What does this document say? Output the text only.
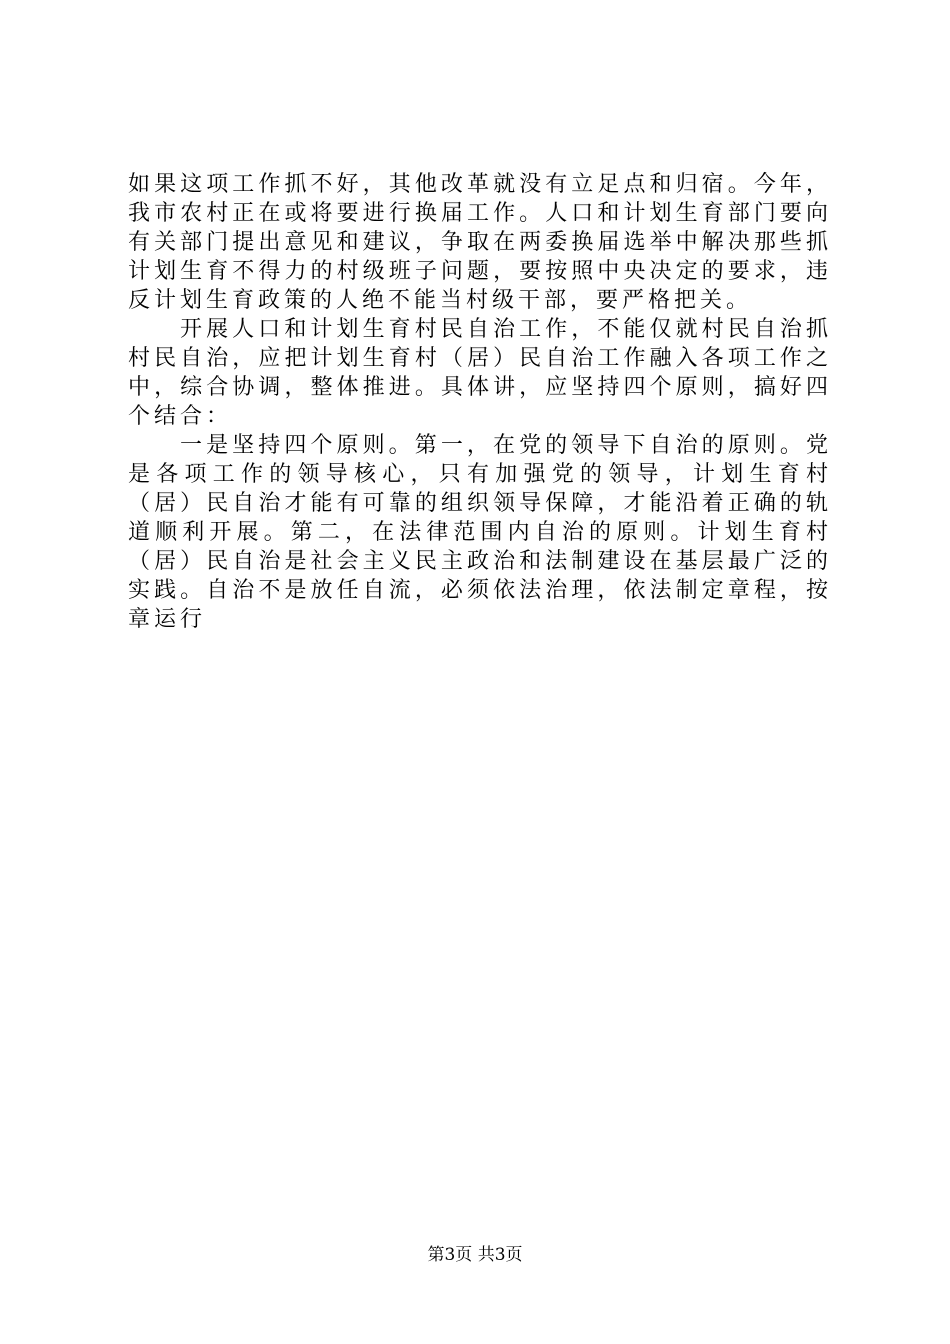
如果这项工作抓不好，其他改革就没有立足点和归宿。今年，
我市农村正在或将要进行换届工作。人口和计划生育部门要向
有关部门提出意见和建议，争取在两委换届选举中解决那些抓
计划生育不得力的村级班子问题，要按照中央决定的要求，违
反计划生育政策的人绝不能当村级干部，要严格把关。
开展人口和计划生育村民自治工作，不能仅就村民自治抓
村民自治，应把计划生育村（居）民自治工作融入各项工作之
中，综合协调，整体推进。具体讲，应坚持四个原则，搞好四
个结合：
一是坚持四个原则。第一，在党的领导下自治的原则。党
是各项工作的领导核心，只有加强党的领导，计划生育村
（居）民自治才能有可靠的组织领导保障，才能沿着正确的轨
道顺利开展。第二，在法律范围内自治的原则。计划生育村
（居）民自治是社会主义民主政治和法制建设在基层最广泛的
实践。自治不是放任自流，必须依法治理，依法制定章程，按
章运行
第3页 共3页
